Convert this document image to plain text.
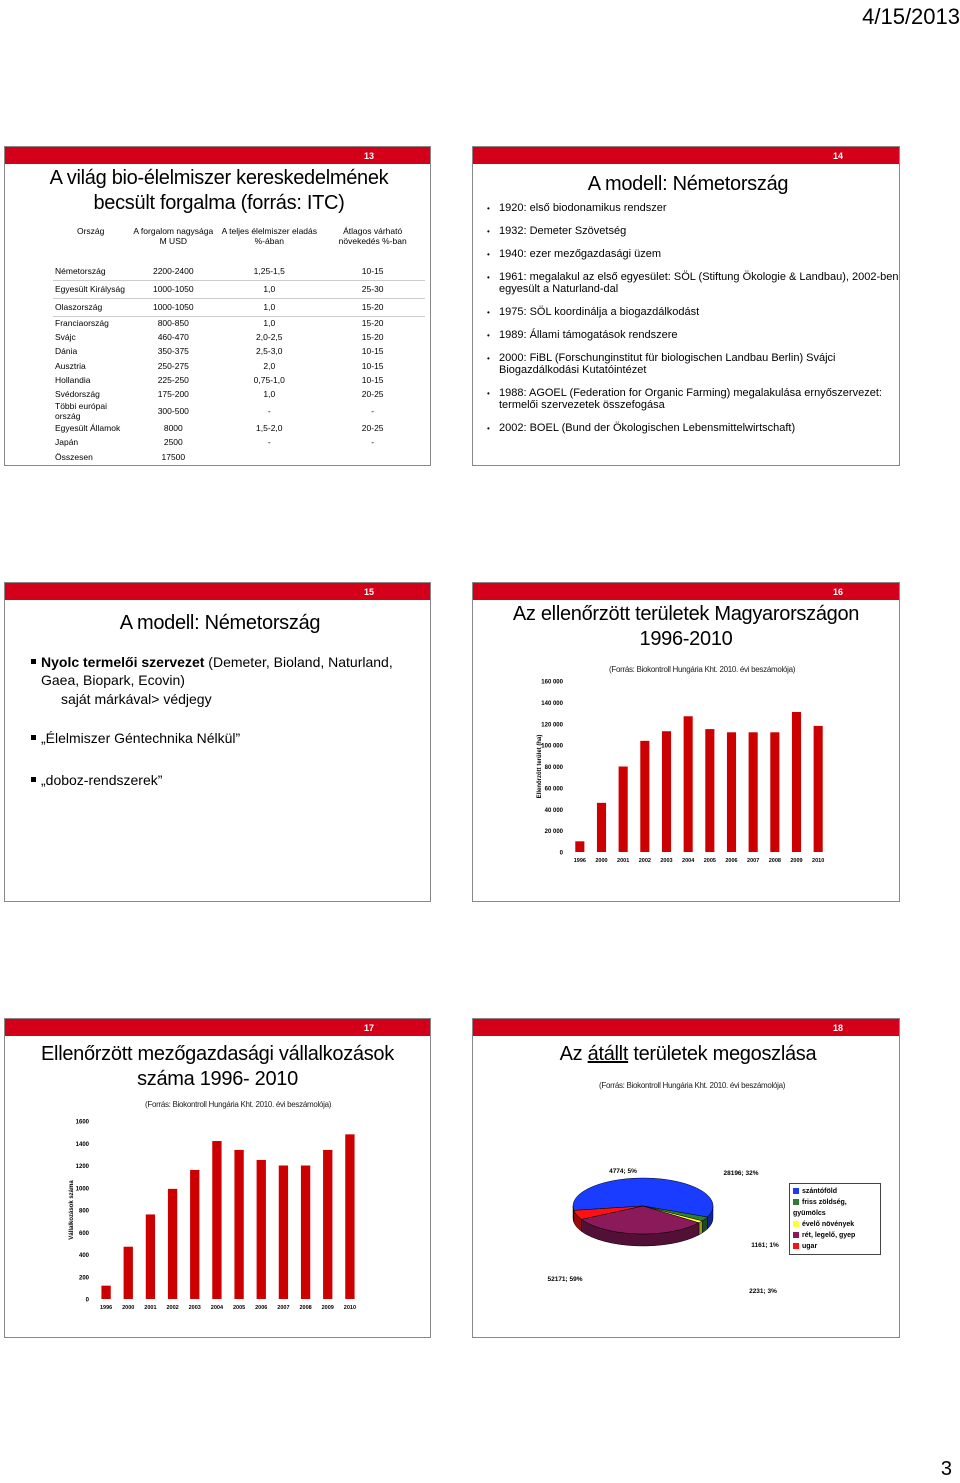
4/15/2013
13
A világ bio-élelmiszer kereskedelmének becsült forgalma (forrás: ITC)
Ország	A forgalom nagysága M USD	A teljes élelmiszer eladás %-ában	Átlagos várható növekedés %-ban
Németország	2200-2400	1,25-1,5	10-15
Egyesült Királyság	1000-1050	1,0	25-30
Olaszország	1000-1050	1,0	15-20
Franciaország	800-850	1,0	15-20
Svájc	460-470	2,0-2,5	15-20
Dánia	350-375	2,5-3,0	10-15
Ausztria	250-275	2,0	10-15
Hollandia	225-250	0,75-1,0	10-15
Svédország	175-200	1,0	20-25
Többi európai ország	300-500	-	-
Egyesült Államok	8000	1,5-2,0	20-25
Japán	2500	-	-
Összesen	17500		
14
A modell: Németország
• 1920: első biodonamikus rendszer
• 1932: Demeter Szövetség
• 1940: ezer mezőgazdasági üzem
• 1961: megalakul az első egyesület: SÖL (Stiftung Ökologie & Landbau), 2002-ben egyesült a Naturland-dal
• 1975: SÖL koordinálja a biogazdálkodást
• 1989: Állami támogatások rendszere
• 2000: FiBL (Forschunginstitut für biologischen Landbau Berlin) Svájci Biogazdálkodási Kutatóintézet
• 1988: AGOEL (Federation for Organic Farming) megalakulása ernyőszervezet: termelői szervezetek összefogása
• 2002: BOEL (Bund der Ökologischen Lebensmittelwirtschaft)
15
A modell: Németország
Nyolc termelői szervezet (Demeter, Bioland, Naturland, Gaea, Biopark, Ecovin)
saját márkával> védjegy
„Élelmiszer Géntechnika Nélkül”
„doboz-rendszerek”
16
Az ellenőrzött területek Magyarországon 1996-2010
(Forrás: Biokontroll Hungária Kht. 2010. évi beszámolója)
0
20 000
40 000
60 000
80 000
100 000
120 000
140 000
160 000
1996 2000 2001 2002 2003 2004 2005 2006 2007 2008 2009 2010
Ellenőrzött terület (ha)
17
Ellenőrzött mezőgazdasági vállalkozások száma 1996- 2010
(Forrás: Biokontroll Hungária Kht. 2010. évi beszámolója)
0
200
400
600
800
1000
1200
1400
1600
1996 2000 2001 2002 2003 2004 2005 2006 2007 2008 2009 2010
Vállalkozások száma
18
Az átállt területek megoszlása
(Forrás: Biokontroll Hungária Kht. 2010. évi beszámolója)
52171; 59%
2231; 3%
1161; 1%
28196; 32%
4774; 5%
szántóföld
friss zöldség, gyümölcs
évelő növények
rét, legelő, gyep
ugar
3
